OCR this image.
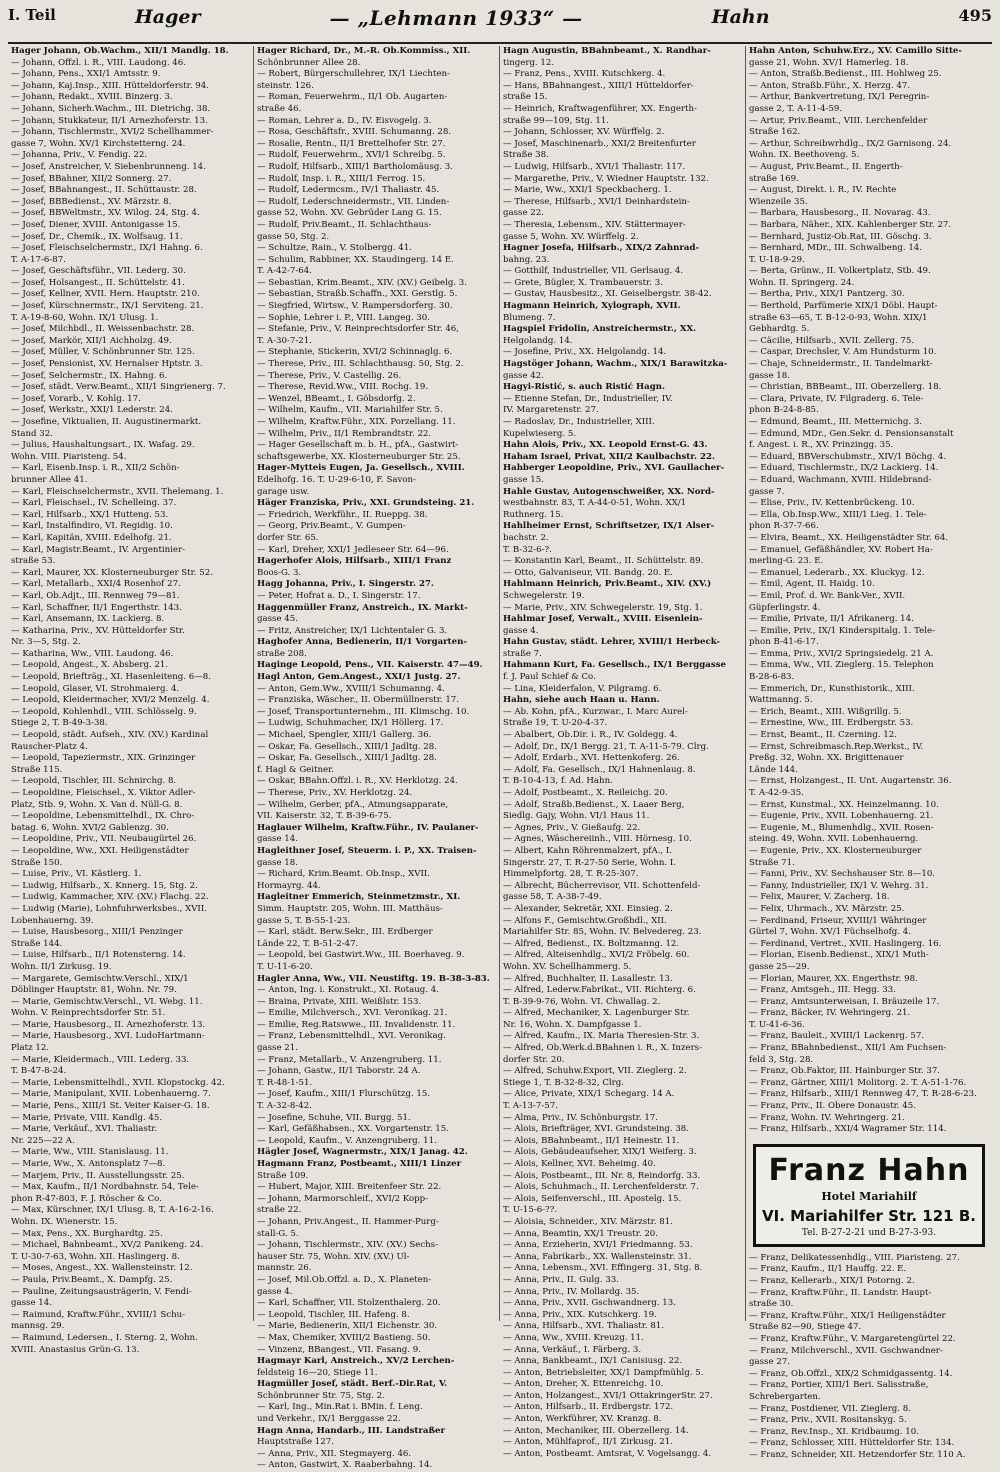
I. Teil	Hager	— „Lehmann 1933“ —	Hahn	495
Hager Johann, Ob.Wachm., XII/1 Mandlg. 18.
— Johann, Offzl. i. R., VIII. Laudong. 46.
— Johann, Pens., XXI/1 Amtsstr. 9.
— Johann, Kaj.Insp., XIII. Hütteldorferstr. 94.
— Johann, Redakt., XVIII. Binzerg. 3.
— Johann, Sicherh.Wachm., III. Dietrichg. 38.
— Johann, Stukkateur, II/1 Arnezhoferstr. 13.
— Johann, Tischlermstr., XVI/2 Schellhammer-
gasse 7, Wohn. XV/1 Kirchstetterng. 24.
— Johanna, Priv., V. Fendig. 22.
— Josef, Anstreicher, V. Siebenbrunneng. 14.
— Josef, BBahner, XII/2 Sonnerg. 27.
— Josef, BBahnangest., II. Schüttaustr. 28.
— Josef, BBBedienst., XV. Märzstr. 8.
— Josef, BBWeltmstr., XV. Wilog. 24, Stg. 4.
— Josef, Diener, XVIII. Antonigasse 15.
— Josef, Dr., Chemik., IX. Wolfsaug. 11.
— Josef, Fleischselchermstr., IX/1 Hahng. 6.
T. A-17-6-87.
— Josef, Geschäftsführ., VII. Lederg. 30.
— Josef, Holsangest., II. Schüttelstr. 41.
— Josef, Kellner, XVII. Hern. Hauptstr. 210.
— Josef, Kürschnermstr., IX/1 Serviteng. 21.
T. A-19-8-60, Wohn. IX/1 Ulusg. 1.
— Josef, Milchbdl., II. Weissenbachstr. 28.
— Josef, Markör, XII/1 Aichholzg. 49.
— Josef, Müller, V. Schönbrunner Str. 125.
— Josef, Pensionist, XV. Hernalser Hptstr. 3.
— Josef, Selchermstr., IX. Hahng. 6.
— Josef, städt. Verw.Beamt., XII/1 Singrienerg. 7.
— Josef, Vorarb., V. Kohlg. 17.
— Josef, Werkstr., XXI/1 Lederstr. 24.
— Josefine, Viktualien, II. Augustinermarkt.
Stand 32.
— Julius, Haushaltungsart., IX. Wafag. 29.
Wohn. VIII. Piaristeng. 54.
— Karl, Eisenb.Insp. i. R., XII/2 Schön-
brunner Allee 41.
— Karl, Fleischselchermstr., XVII. Thelemang. 1.
— Karl, Fleischsel., IV. Schelleing. 37.
— Karl, Hilfsarb., XX/1 Hutteng. 53.
— Karl, Instalfindiro, VI. Regidig. 10.
— Karl, Kapitän, XVIII. Edelhofg. 21.
— Karl, Magistr.Beamt., IV. Argentinier-
straße 53.
— Karl, Maurer, XX. Klosterneuburger Str. 52.
— Karl, Metallarb., XXI/4 Rosenhof 27.
— Karl, Ob.Adjt., III. Rennweg 79—81.
— Karl, Schaffner, II/1 Engerthstr. 143.
— Karl, Ansemann, IX. Lackierg. 8.
— Katharina, Priv., XV. Hütteldorfer Str.
Nr. 3—5, Stg. 2.
— Katharina, Ww., VIII. Laudong. 46.
— Leopold, Angest., X. Absberg. 21.
— Leopold, Briefträg., XI. Hasenleiteng. 6—8.
— Leopold, Glaser, VI. Strohmaierg. 4.
— Leopold, Kleidermacher, XVI/2 Menzelg. 4.
— Leopold, Kohlenhdl., VIII. Schlösselg. 9.
Stiege 2, T. B-49-3-38.
— Leopold, städt. Aufseh., XIV. (XV.) Kardinal
Rauscher-Platz 4.
— Leopold, Tapeziermstr., XIX. Grinzinger
Straße 115.
— Leopold, Tischler, III. Schnirchg. 8.
— Leopoldine, Fleischsel., X. Viktor Adler-
Platz, Stb. 9, Wohn. X. Van d. Nüll-G. 8.
— Leopoldine, Lebensmittelhdl., IX. Chro-
batag. 6, Wohn. XVI/2 Gablenzg. 30.
— Leopoldine, Priv., VII. Neubaugürtel 26.
— Leopoldine, Ww., XXI. Heiligenstädter
Straße 150.
— Luise, Priv., VI. Kästlerg. 1.
— Ludwig, Hilfsarb., X. Knnerg. 15, Stg. 2.
— Ludwig, Kammacher, XIV. (XV.) Flachg. 22.
— Ludwig (Marie), Lohnfuhrwerksbes., XVII.
Lobenhauerng. 39.
— Luise, Hausbesorg., XIII/1 Penzinger
Straße 144.
— Luise, Hilfsarb., II/1 Rotensterng. 14.
Wohn. II/1 Zirkusg. 19.
— Margarete, Gemischtw.Verschl., XIX/1
Döblinger Hauptstr. 81, Wohn. Nr. 79.
— Marie, Gemischtw.Verschl., VI. Webg. 11.
Wohn. V. Reinprechtsdorfer Str. 51.
— Marie, Hausbesorg., II. Arnezhoferstr. 13.
— Marie, Hausbesorg., XVI. LudoHartmann-
Platz 12.
— Marie, Kleidermach., VIII. Lederg. 33.
T. B-47-8-24.
— Marie, Lebensmittelhdl., XVII. Klopstockg. 42.
— Marie, Manipulant, XVII. Lobenhauerng. 7.
— Marie, Pens., XIII/1 St. Veiter Kaiser-G. 18.
— Marie, Private, VIII. Kandlg. 45.
— Marie, Verkäuf., XVI. Thaliastr.
Nr. 225—22 A.
— Marie, Ww., VIII. Stanislausg. 11.
— Marie, Ww., X. Antonsplatz 7—8.
— Marjem, Priv., II. Ausstellungsstr. 25.
— Max, Kaufm., II/1 Nordbahnstr. 54, Tele-
phon R-47-803, F. J. Röscher & Co.
— Max, Kürschner, IX/1 Ulusg. 8, T. A-16-2-16.
Wohn. IX. Wienerstr. 15.
— Max, Pens., XX. Burghardtg. 25.
— Michael, Bahnbeamt., XV/2 Panikeng. 24.
T. U-30-7-63, Wohn. XII. Haslingerg. 8.
— Moses, Angest., XX. Wallensteinstr. 12.
— Paula, Priv.Beamt., X. Dampfg. 25.
— Pauline, Zeitungsausträgerin, V. Fendi-
gasse 14.
— Raimund, Kraftw.Führ., XVIII/1 Schu-
mannsg. 29.
— Raimund, Ledersen., I. Sterng. 2, Wohn.
XVIII. Anastasius Grün-G. 13.
Hager Richard, Dr., M.-R. Ob.Kommiss., XII.
Schönbrunner Allee 28.
— Robert, Bürgerschullehrer, IX/1 Liechten-
steinstr. 126.
— Roman, Feuerwehrm., II/1 Ob. Augarten-
straße 46.
— Roman, Lehrer a. D., IV. Eisvogelg. 3.
— Rosa, Geschäftsfr., XVIII. Schumanng. 28.
— Rosalie, Rentn., II/1 Brettelhofer Str. 27.
— Rudolf, Feuerwehrm., XVI/1 Schreibg. 5.
— Rudolf, Hilfsarb., XIII/1 Bartholomäusg. 3.
— Rudolf, Insp. i. R., XIII/1 Ferrog. 15.
— Rudolf, Ledermcsm., IV/1 Thaliastr. 45.
— Rudolf, Lederschneidermstr., VII. Linden-
gasse 52, Wohn. XV. Gebrüder Lang G. 15.
— Rudolf, Priv.Beamt., II. Schlachthaus-
gasse 50, Stg. 2.
— Schultze, Rain., V. Stolbergg. 41.
— Schulim, Rabbiner, XX. Staudingerg. 14 E.
T. A-42-7-64.
— Sebastian, Krim.Beamt., XIV. (XV.) Geibelg. 3.
— Sebastian, Straßb.Schaffn., XXI. Gerstlg. 5.
— Siegfried, Wirtsw., V. Rampersdorferg. 30.
— Sophie, Lehrer i. P., VIII. Langeg. 30.
— Stefanie, Priv., V. Reinprechtsdorfer Str. 46,
T. A-30-7-21.
— Stephanie, Stickerin, XVI/2 Schinnaglg. 6.
— Therese, Priv., III. Schlachthausg. 50, Stg. 2.
— Therese, Priv., V. Castellig. 26.
— Therese, Revid.Ww., VIII. Rochg. 19.
— Wenzel, BBeamt., I. Göbsdorfg. 2.
— Wilhelm, Kaufm., VII. Mariahilfer Str. 5.
— Wilhelm, Kraftw.Führ., XIX. Porzellang. 11.
— Wilhelm, Priv., II/1 Rembrandtstr. 22.
— Hager Gesellschaft m. b. H., pfA., Gastwirt-
schaftsgewerbe, XX. Klosterneuburger Str. 25.
Hager-Mytteis Eugen, Ja. Gesellsch., XVIII.
Edelhofg. 16. T. U-29-6-10, F. Savon-
garage usw.
Häger Franziska, Priv., XXI. Grundsteing. 21.
— Friedrich, Werkführ., II. Rueppg. 38.
— Georg, Priv.Beamt., V. Gumpen-
dorfer Str. 65.
— Karl, Dreher, XXI/1 Jedleseer Str. 64—96.
Hagerhofer Alois, Hilfsarb., XIII/1 Franz
Boos-G. 3.
Hagg Johanna, Priv., I. Singerstr. 27.
— Peter, Hofrat a. D., I. Singerstr. 17.
Haggenmüller Franz, Anstreich., IX. Markt-
gasse 45.
— Fritz, Anstreicher, IX/1 Lichtentaler G. 3.
Haghofer Anna, Bedienerin, II/1 Vorgarten-
straße 208.
Haginge Leopold, Pens., VII. Kaiserstr. 47—49.
Hagl Anton, Gem.Angest., XXI/1 Justg. 27.
— Anton, Gem.Ww., XVIII/1 Schumanng. 4.
— Franziska, Wäscher., II. Obermüllnerstr. 17.
— Josef, Transportunternehm., III. Klimschg. 10.
— Ludwig, Schuhmacher, IX/1 Höllerg. 17.
— Michael, Spengler, XIII/1 Gallerg. 36.
— Oskar, Fa. Gesellsch., XIII/1 Jadltg. 28.
— Oskar, Fa. Gesellsch., XIII/1 Jadltg. 28.
f. Hagl & Geitner.
— Oskar, BBahn.Offzl. i. R., XV. Herklotzg. 24.
— Therese, Priv., XV. Herklotzg. 24.
— Wilhelm, Gerber, pfA., Atmungsapparate,
VII. Kaiserstr. 32, T. B-39-6-75.
Haglauer Wilhelm, Kraftw.Führ., IV. Paulaner-
gasse 14.
Hagleithner Josef, Steuerm. i. P., XX. Traisen-
gasse 18.
— Richard, Krim.Beamt. Ob.Insp., XVII.
Hormayrg. 44.
Hagleitner Emmerich, Steinmetzmstr., XI.
Simm. Hauptstr. 205, Wohn. III. Matthäus-
gasse 5, T. B-55-1-23.
— Karl, städt. Berw.Sekr., III. Erdberger
Lände 22, T. B-51-2-47.
— Leopold, bei Gastwirt.Ww., III. Boerhaveg. 9.
T. U-11-6-20.
Hagler Anna, Ww., VII. Neustiftg. 19. B-38-3-83.
— Anton, Ing. i. Konstrukt., XI. Rotaug. 4.
— Braina, Private, XIII. Weißlstr. 153.
— Emilie, Milchversch., XVI. Veronikag. 21.
— Emilie, Reg.Ratswwe., III. Invalidenstr. 11.
— Franz, Lebensmittelhdl., XVI. Veronikag.
gasse 21.
— Franz, Metallarb., V. Anzengruberg. 11.
— Johann, Gastw., II/1 Taborstr. 24 A.
T. R-48-1-51.
— Josef, Kaufm., XIII/1 Flurschützg. 15.
T. A-32-8-42.
— Josefine, Schuhe, VII. Burgg. 51.
— Karl, Gefäßhabsen., XX. Vorgartenstr. 15.
— Leopold, Kaufm., V. Anzengruberg. 11.
Hägler Josef, Wagnermstr., XIX/1 Janag. 42.
Hagmann Franz, Postbeamt., XIII/1 Linzer
Straße 109.
— Hubert, Major, XIII. Breitenfeer Str. 22.
— Johann, Marmorschleif., XVI/2 Kopp-
straße 22.
— Johann, Priv.Angest., II. Hammer-Purg-
stall-G. 5.
— Johann, Tischlermstr., XIV. (XV.) Sechs-
hauser Str. 75, Wohn. XIV. (XV.) Ul-
mannstr. 26.
— Josef, Mil.Ob.Offzl. a. D., X. Planeten-
gasse 4.
— Karl, Schaffner, VII. Stolzenthalerg. 20.
— Leopold, Tischler, III. Hafeng. 8.
— Marie, Bedienerin, XII/1 Eichenstr. 30.
— Max, Chemiker, XVIII/2 Bastieng. 50.
— Vinzenz, BBangest., VII. Fasang. 9.
Hagmayr Karl, Anstreich., XV/2 Lerchen-
feldsteig 16—20, Stiege 11.
Hagmüller Josef, städt. Berf.-Dir.Rat, V.
Schönbrunner Str. 75, Stg. 2.
— Karl, Ing., Min.Rat i. BMin. f. Leng.
und Verkehr., IX/1 Berggasse 22.
Hagn Anna, Handarb., III. Landstraßer
Hauptstraße 127.
— Anna, Priv., XII. Stegmayerg. 46.
— Anton, Gastwirt, X. Raaberbahng. 14.
Hagn Augustin, BBahnbeamt., X. Randhar-
tingerg. 12.
— Franz, Pens., XVIII. Kutschkerg. 4.
— Hans, BBahnangest., XIII/1 Hütteldorfer-
straße 15.
— Heinrich, Kraftwagenführer, XX. Engerth-
straße 99—109, Stg. 11.
— Johann, Schlosser, XV. Würffelg. 2.
— Josef, Maschinenarb., XXI/2 Breitenfurter
Straße 38.
— Ludwig, Hilfsarb., XVI/1 Thaliastr. 117.
— Margarethe, Priv., V. Wiedner Hauptstr. 132.
— Marie, Ww., XXI/1 Speckbacherg. 1.
— Therese, Hilfsarb., XVI/1 Deinhardstein-
gasse 22.
— Theresia, Lebensm., XIV. Stättermayer-
gasse 5, Wohn. XV. Würffelg. 2.
Hagner Josefa, Hilfsarb., XIX/2 Zahnrad-
bahng. 23.
— Gotthilf, Industrieller, VII. Gerlsaug. 4.
— Grete, Bügler, X. Trambauerstr. 3.
— Gustav, Hausbesitz., XI. Geiselbergstr. 38-42.
Hagmann Heinrich, Xylograph, XVII.
Blumeng. 7.
Hagspiel Fridolin, Anstreichermstr., XX.
Helgolandg. 14.
— Josefine, Priv., XX. Helgolandg. 14.
Hagstöger Johann, Wachm., XIX/1 Barawitzka-
gasse 42.
Hagyi-Ristić, s. auch Ristić Hagn.
— Etienne Stefan, Dr., Industrieller, IV.
IV. Margaretenstr. 27.
— Radoslav, Dr., Industrieller, XIII.
Kupelwieserg. 5.
Hahn Alois, Priv., XX. Leopold Ernst-G. 43.
Haham Israel, Privat, XII/2 Kaulbachstr. 22.
Hahberger Leopoldine, Priv., XVI. Gaullacher-
gasse 15.
Hahle Gustav, Autogenschweißer, XX. Nord-
westbahnstr. 83, T. A-44-0-51, Wohn. XX/1
Ruthnerg. 15.
Hahlheimer Ernst, Schriftsetzer, IX/1 Alser-
bachstr. 2.
T. B-32-6-?.
— Konstantin Karl, Beamt., II. Schüttelstr. 89.
— Otto, Galvaniseur, VII. Bandg. 20. E.
Hahlmann Heinrich, Priv.Beamt., XIV. (XV.)
Schwegelerstr. 19.
— Marie, Priv., XIV. Schwegelerstr. 19, Stg. 1.
Hahlmar Josef, Verwalt., XVIII. Eisenlein-
gasse 4.
Hahn Gustav, städt. Lehrer, XVIII/1 Herbeck-
straße 7.
Hahmann Kurt, Fa. Gesellsch., IX/1 Berggasse
f. J. Paul Schief & Co.
— Lina, Kleiderfalon, V. Pilgramg. 6.
Hahn, siehe auch Haan u. Hann.
— Ab. Kohn, pfA., Kurzwar., I. Marc Aurel-
Straße 19, T. U-20-4-37.
— Abalbert, Ob.Dir. i. R., IV. Goldegg. 4.
— Adolf, Dr., IX/1 Bergg. 21, T. A-11-5-79. Clrg.
— Adolf, Erdarb., XVI. Hettenkoferg. 26.
— Adolf, Fa. Gesellsch., IX/1 Hahnenlaug. 8.
T. B-10-4-13, f. Ad. Hahn.
— Adolf, Postbeamt., X. Reileichg. 20.
— Adolf, Straßb.Bedienst., X. Laaer Berg,
Siedlg. Gajy, Wohn. VI/1 Haus 11.
— Agnes, Priv., V. Gießaufg. 22.
— Agnes, Wäschereiinh., VIII. Hörnesg. 10.
— Albert, Kahn Röhrenmalzert, pfA., I.
Singerstr. 27, T. R-27-50 Serie, Wohn. I.
Himmelpfortg. 28, T. R-25-307.
— Albrecht, Bücherrevisor, VII. Schottenfeld-
gasse 58, T. A-38-7-49.
— Alexander, Sekretär, XXI. Einsieg. 2.
— Alfons F., Gemischtw.Großhdl., XII.
Mariahilfer Str. 85, Wohn. IV. Belvedereg. 23.
— Alfred, Bedienst., IX. Boltzmanng. 12.
— Alfred, Alteisenhdlg., XVI/2 Fröbelg. 60.
Wohn. XV. Schellhammerg. 5.
— Alfred, Buchhalter, II. Lasallestr. 13.
— Alfred, Lederw.Fabrikat., VII. Richterg. 6.
T. B-39-9-76, Wohn. VI. Chwallag. 2.
— Alfred, Mechaniker, X. Lagenburger Str.
Nr. 16, Wohn. X. Dampfgasse 1.
— Alfred, Kaufm., IX. Maria Theresien-Str. 3.
— Alfred, Ob.Werk.d.BBahnen i. R., X. Inzers-
dorfer Str. 20.
— Alfred, Schuhw.Export, VII. Zieglerg. 2.
Stiege 1, T. B-32-8-32, Clrg.
— Alice, Private, XIX/1 Schegarg. 14 A.
T. A-13-7-57.
— Alma, Priv., IV. Schönburgstr. 17.
— Alois, Briefträger, XVI. Grundsteing. 38.
— Alois, BBahnbeamt., II/1 Heinestr. 11.
— Alois, Gebäudeaufseher, XIX/1 Weiferg. 3.
— Alois, Kellner, XVI. Beheimg. 40.
— Alois, Postbeamt., III. Nr. 8, Reindorfg. 33.
— Alois, Schuhmach., II. Lerchenfelderstr. 7.
— Alois, Seifenverschl., III. Apostelg. 15.
T. U-15-6-??.
— Aloisia, Schneider., XIV. Märzstr. 81.
— Anna, Beamtin, XX/1 Treustr. 20.
— Anna, Erzieherin, XVI/1 Friedmanng. 53.
— Anna, Fabrikarb., XX. Wallensteinstr. 31.
— Anna, Lebensm., XVI. Effingerg. 31, Stg. 8.
— Anna, Priv., II. Gulg. 33.
— Anna, Priv., IV. Mollardg. 35.
— Anna, Priv., XVII. Gschwandnerg. 13.
— Anna, Priv., XIX. Kutschkerg. 19.
— Anna, Hilfsarb., XVI. Thaliastr. 81.
— Anna, Ww., XVIII. Kreuzg. 11.
— Anna, Verkäuf., I. Färberg. 3.
— Anna, Bankbeamt., IX/1 Canisiusg. 22.
— Anton, Betriebsleiter, XX/1 Dampfmühlg. 5.
— Anton, Dreher, X. Ettenreichg. 10.
— Anton, Holzangest., XVI/1 OttakringerStr. 27.
— Anton, Hilfsarb., II. Erdbergstr. 172.
— Anton, Werkführer, XV. Kranzg. 8.
— Anton, Mechaniker, III. Oberzellerg. 14.
— Anton, Mühlfaprof., II/1 Zirkusg. 21.
— Anton, Postbeamt. Amtsrat, V. Vogelsangg. 4.
Hahn Anton, Schuhw.Erz., XV. Camillo Sitte-
gasse 21, Wohn. XV/1 Hamerleg. 18.
— Anton, Straßb.Bedienst., III. Hohlweg 25.
— Anton, Straßb.Führ., X. Herzg. 47.
— Arthur, Bankvertretung, IX/1 Peregrin-
gasse 2, T. A-11-4-59.
— Artur, Priv.Beamt., VIII. Lerchenfelder
Straße 162.
— Arthur, Schreibwrhdlg., IX/2 Garnisong. 24.
Wohn. IX. Beethoveng. 5.
— August, Priv.Beamt., II. Engerth-
straße 169.
— August, Direkt. i. R., IV. Rechte
Wienzeile 35.
— Barbara, Hausbesorg., II. Novarag. 43.
— Barbara, Näher., XIX. Kahlenberger Str. 27.
— Bernhard, Justiz-Ob.Rat, III. Göschg. 3.
— Bernhard, MDr., III. Schwalbeng. 14.
T. U-18-9-29.
— Berta, Grünw., II. Volkertplatz, Stb. 49.
Wohn. II. Springerg. 24.
— Bertha, Priv., XIX/1 Pantzerg. 30.
— Berthold, Parfümerie XIX/1 Döbl. Haupt-
straße 63—65, T. B-12-0-93, Wohn. XIX/1
Gebhardtg. 5.
— Cäcilie, Hilfsarb., XVII. Zellerg. 75.
— Caspar, Drechsler, V. Am Hundsturm 10.
— Chaje, Schneidermstr., II. Tandelmarkt-
gasse 18.
— Christian, BBBeamt., III. Oberzellerg. 18.
— Clara, Private, IV. Filgraderg. 6. Tele-
phon B-24-8-85.
— Edmund, Beamt., III. Metternichg. 3.
— Edmund, MDr., Gen.Sekr. d. Pensionsanstalt
f. Angest. i. R., XV. Prinzingg. 35.
— Eduard, BBVerschubmstr., XIV/1 Böchg. 4.
— Eduard, Tischlermstr., IX/2 Lackierg. 14.
— Eduard, Wachmann, XVIII. Hildebrand-
gasse 7.
— Elise, Priv., IV. Kettenbrückeng. 10.
— Ella, Ob.Insp.Ww., XIII/1 Lieg. 1. Tele-
phon R-37-7-66.
— Elvira, Beamt., XX. Heiligenstädter Str. 64.
— Emanuel, Gefäßhändler, XV. Robert Ha-
merling-G. 23. E.
— Emanuel, Lederarb., XX. Kluckyg. 12.
— Emil, Agent, II. Haidg. 10.
— Emil, Prof. d. Wr. Bank-Ver., XVII.
Güpferlingstr. 4.
— Emilie, Private, II/1 Afrikanerg. 14.
— Emilie, Priv., IX/1 Kinderspitalg. 1. Tele-
phon B-41-6-17.
— Emma, Priv., XVI/2 Springsiedelg. 21 A.
— Emma, Ww., VII. Zieglerg. 15. Telephon
B-28-6-83.
— Emmerich, Dr., Kunsthistorik., XIII.
Wattmanng. 5.
— Erich, Beamt., XIII. Wißgrillg. 5.
— Ernestine, Ww., III. Erdbergstr. 53.
— Ernst, Beamt., II. Czerning. 12.
— Ernst, Schreibmasch.Rep.Werkst., IV.
Preßg. 32, Wohn. XX. Brigittenauer
Lände 144.
— Ernst, Holzangest., II. Unt. Augartenstr. 36.
T. A-42-9-35.
— Ernst, Kunstmal., XX. Heinzelmanng. 10.
— Eugenie, Priv., XVII. Lobenhauerng. 21.
— Eugenie, M., Blumenhdlg., XVII. Rosen-
steing. 49, Wohn. XVII. Lobenhauerng.
— Eugenie, Priv., XX. Klosterneuburger
Straße 71.
— Fanni, Priv., XV. Sechshauser Str. 8—10.
— Fanny, Industrieller, IX/1 V. Wehrg. 31.
— Felix, Maurer, V. Zacherg. 18.
— Felix, Uhrmach., XV. Märzstr. 25.
— Ferdinand, Friseur, XVIII/1 Währinger
Gürtel 7, Wohn. XV/1 Füchselhofg. 4.
— Ferdinand, Vertret., XVII. Haslingerg. 16.
— Florian, Eisenb.Bedienst., XIX/1 Muth-
gasse 25—29.
— Florian, Maurer, XX. Engerthstr. 98.
— Franz, Amtsgeh., III. Hegg. 33.
— Franz, Amtsunterweisan, I. Bräuzeile 17.
— Franz, Bäcker, IV. Wehringerg. 21.
T. U-41-6-36.
— Franz, Bauleit., XVIII/1 Lackenrg. 57.
— Franz, BBahnbedienst., XII/1 Am Fuchsen-
feld 3, Stg. 28.
— Franz, Ob.Faktor, III. Hainburger Str. 37.
— Franz, Gärtner, XIII/1 Molitorg. 2. T. A-51-1-76.
— Franz, Hilfsarb., XIII/1 Rennweg 47, T. R-28-6-23.
— Franz, Priv., II. Obere Donaustr. 45.
— Franz, Wohn. IV. Wehringerg. 21.
— Franz, Hilfsarb., XXI/4 Wagramer Str. 114.
Franz Hahn
Hotel Mariahilf
VI. Mariahilfer Str. 121 B.
Tel. B-27-2-21 und B-27-3-93.
— Franz, Delikatessenhdlg., VIII. Piaristeng. 27.
— Franz, Kaufm., II/1 Hauffg. 22. E.
— Franz, Kellerarb., XIX/1 Potorng. 2.
— Franz, Kraftw.Führ., II. Landstr. Haupt-
straße 30.
— Franz, Kraftw.Führ., XIX/1 Heiligenstädter
Straße 82—90, Stiege 47.
— Franz, Kraftw.Führ., V. Margaretengürtel 22.
— Franz, Milchverschl., XVII. Gschwandner-
gasse 27.
— Franz, Ob.Offzl., XIX/2 Schmidgassentg. 14.
— Franz, Portier, XIII/1 Beri. Salisstraße,
Schrebergarten.
— Franz, Postdiener, VII. Zieglerg. 8.
— Franz, Priv., XVII. Rositanskyg. 5.
— Franz, Rev.Insp., XI. Kridbaumg. 10.
— Franz, Schlosser, XIII. Hütteldorfer Str. 134.
— Franz, Schneider, XII. Hetzendorfer Str. 110 A.
